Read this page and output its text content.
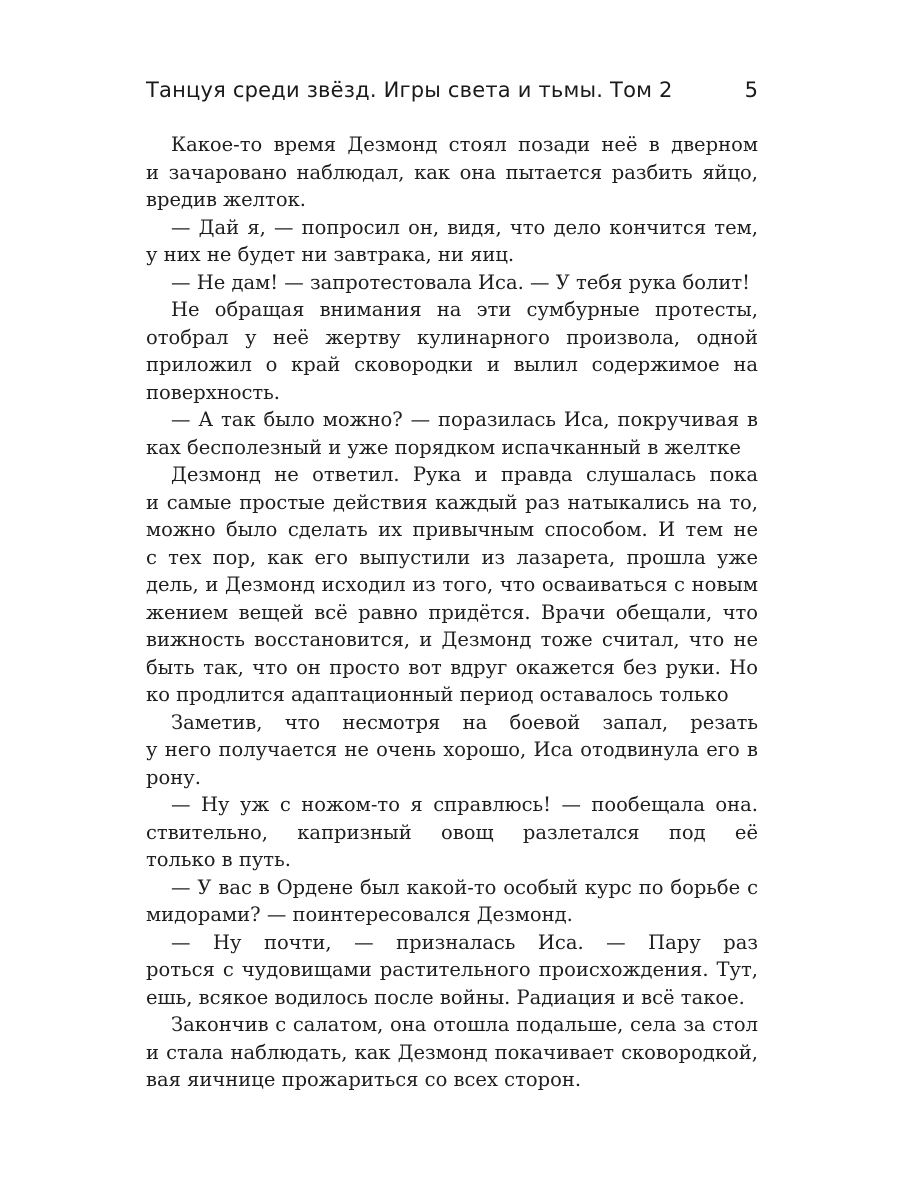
Танцуя среди звёзд. Игры света и тьмы. Том 2	5
Какое-то время Дезмонд стоял позади неё в дверном
и зачаровано наблюдал, как она пытается разбить яйцо,
вредив желток.
— Дай я, — попросил он, видя, что дело кончится тем,
у них не будет ни завтрака, ни яиц.
— Не дам! — запротестовала Иса. — У тебя рука болит!
Не обращая внимания на эти сумбурные протесты,
отобрал у неё жертву кулинарного произвола, одной
приложил о край сковородки и вылил содержимое на
поверхность.
— А так было можно? — поразилась Иса, покручивая в
ках бесполезный и уже порядком испачканный в желтке
Дезмонд не ответил. Рука и правда слушалась пока
и самые простые действия каждый раз натыкались на то,
можно было сделать их привычным способом. И тем не
с тех пор, как его выпустили из лазарета, прошла уже
дель, и Дезмонд исходил из того, что осваиваться с новым
жением вещей всё равно придётся. Врачи обещали, что
вижность восстановится, и Дезмонд тоже считал, что не
быть так, что он просто вот вдруг окажется без руки. Но
ко продлится адаптационный период оставалось только
Заметив, что несмотря на боевой запал, резать
у него получается не очень хорошо, Иса отодвинула его в
рону.
— Ну уж с ножом-то я справлюсь! — пообещала она.
ствительно, капризный овощ разлетался под её
только в путь.
— У вас в Ордене был какой-то особый курс по борьбе с
мидорами? — поинтересовался Дезмонд.
— Ну почти, — призналась Иса. — Пару раз
роться с чудовищами растительного происхождения. Тут,
ешь, всякое водилось после войны. Радиация и всё такое.
Закончив с салатом, она отошла подальше, села за стол
и стала наблюдать, как Дезмонд покачивает сковородкой,
вая яичнице прожариться со всех сторон.
